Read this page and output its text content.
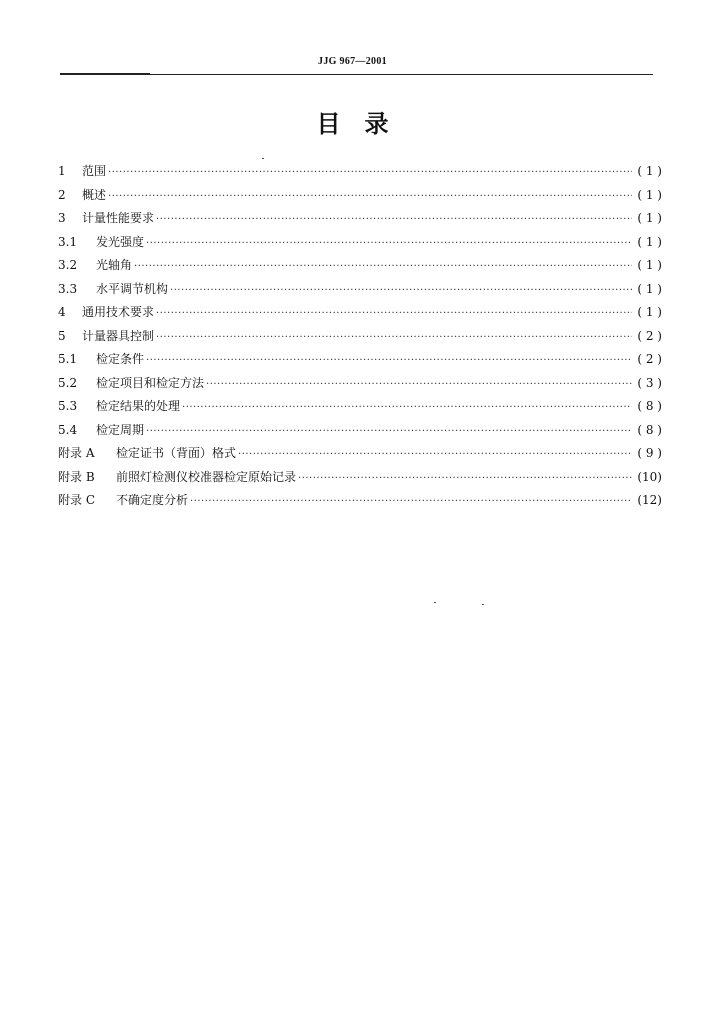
JJG 967—2001
目　录
1	范围 ·····	( 1 )
2	概述 ·····	( 1 )
3	计量性能要求 ·····	( 1 )
3.1	发光强度 ·····	( 1 )
3.2	光轴角 ·····	( 1 )
3.3	水平调节机构 ·····	( 1 )
4	通用技术要求 ·····	( 1 )
5	计量器具控制 ·····	( 2 )
5.1	检定条件 ·····	( 2 )
5.2	检定项目和检定方法 ·····	( 3 )
5.3	检定结果的处理 ·····	( 8 )
5.4	检定周期 ·····	( 8 )
附录 A	检定证书（背面）格式 ·····	( 9 )
附录 B	前照灯检测仪校准器检定原始记录 ·····	(10)
附录 C	不确定度分析 ·····	(12)
